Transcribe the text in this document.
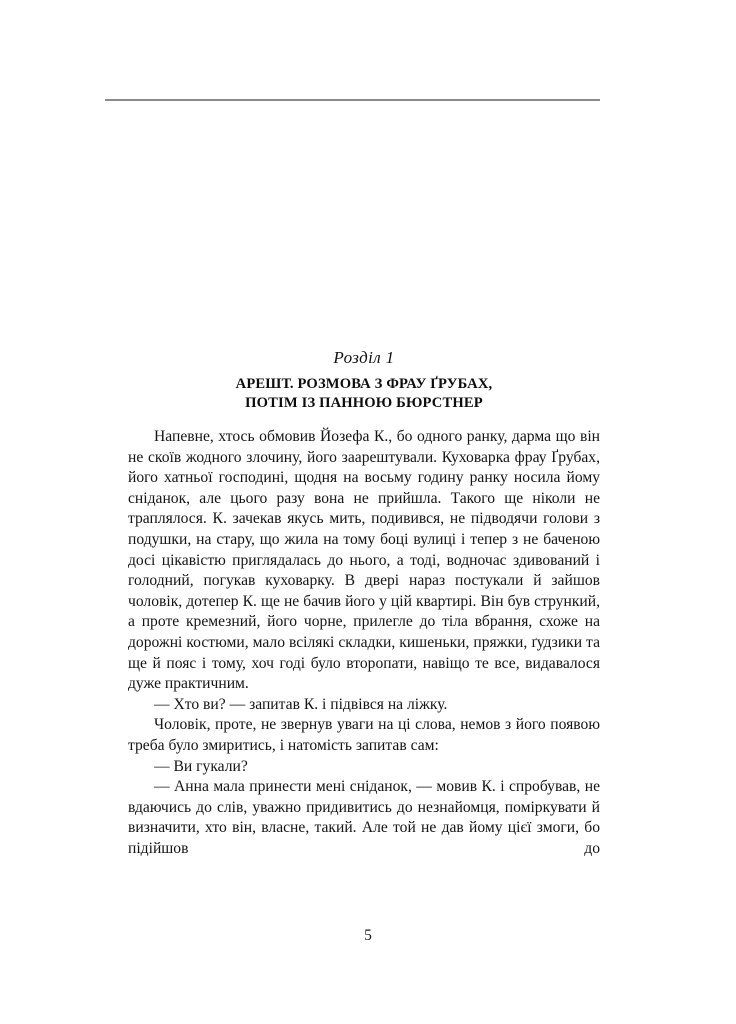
Розділ 1
АРЕШТ. РОЗМОВА З ФРАУ ҐРУБАХ,
ПОТІМ ІЗ ПАННОЮ БЮРСТНЕР

Напевне, хтось обмовив Йозефа К., бо одного ранку, дарма що він не скоїв жодного злочину, його заарештували. Куховарка фрау Ґрубах, його хатньої господині, щодня на восьму годину ранку носила йому сніданок, але цього разу вона не прийшла. Такого ще ніколи не траплялося. К. зачекав якусь мить, подивився, не підводячи голови з подушки, на стару, що жила на тому боці вулиці і тепер з не баченою досі цікавістю приглядалась до нього, а тоді, водночас здивований і голодний, погукав куховарку. В двері нараз постукали й зайшов чоловік, дотепер К. ще не бачив його у цій квартирі. Він був стрункий, а проте кремезний, його чорне, прилегле до тіла вбрання, схоже на дорожні костюми, мало всілякі складки, кишеньки, пряжки, ґудзики та ще й пояс і тому, хоч годі було второпати, навіщо те все, видавалося дуже практичним.

— Хто ви? — запитав К. і підвівся на ліжку.

Чоловік, проте, не звернув уваги на ці слова, немов з його появою треба було змиритись, і натомість запитав сам:

— Ви гукали?

— Анна мала принести мені сніданок, — мовив К. і спробував, не вдаючись до слів, уважно придивитись до незнайомця, поміркувати й визначити, хто він, власне, такий. Але той не дав йому цієї змоги, бо підійшов до

5
